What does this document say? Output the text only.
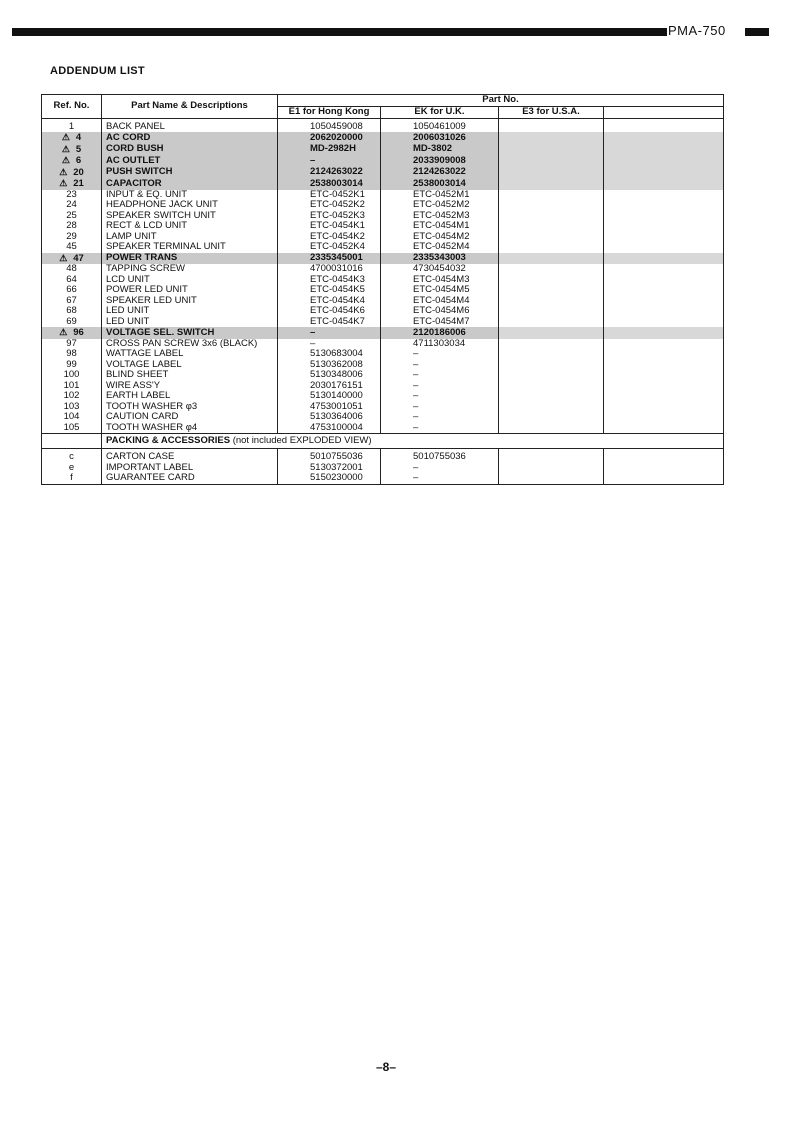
PMA-750
ADDENDUM LIST
Ref. No.	Part Name & Descriptions	Part No.			
		E1 for Hong Kong	EK for U.K.	E3 for U.S.A.	
1	BACK PANEL	1050459008	1050461009		
⚠ 4	AC CORD	2062020000	2006031026		
⚠ 5	CORD BUSH	MD-2982H	MD-3802		
⚠ 6	AC OUTLET	–	2033909008		
⚠ 20	PUSH SWITCH	2124263022	2124263022		
⚠ 21	CAPACITOR	2538003014	2538003014		
23	INPUT & EQ. UNIT	ETC-0452K1	ETC-0452M1		
24	HEADPHONE JACK UNIT	ETC-0452K2	ETC-0452M2		
25	SPEAKER SWITCH UNIT	ETC-0452K3	ETC-0452M3		
28	RECT & LCD UNIT	ETC-0454K1	ETC-0454M1		
29	LAMP UNIT	ETC-0454K2	ETC-0454M2		
45	SPEAKER TERMINAL UNIT	ETC-0452K4	ETC-0452M4		
⚠ 47	POWER TRANS	2335345001	2335343003		
48	TAPPING SCREW	4700031016	4730454032		
64	LCD UNIT	ETC-0454K3	ETC-0454M3		
66	POWER LED UNIT	ETC-0454K5	ETC-0454M5		
67	SPEAKER LED UNIT	ETC-0454K4	ETC-0454M4		
68	LED UNIT	ETC-0454K6	ETC-0454M6		
69	LED UNIT	ETC-0454K7	ETC-0454M7		
⚠ 96	VOLTAGE SEL. SWITCH	–	2120186006		
97	CROSS PAN SCREW 3x6 (BLACK)	–	4711303034		
98	WATTAGE LABEL	5130683004	–		
99	VOLTAGE LABEL	5130362008	–		
100	BLIND SHEET	5130348006	–		
101	WIRE ASS'Y	2030176151	–		
102	EARTH LABEL	5130140000	–		
103	TOOTH WASHER φ3	4753001051	–		
104	CAUTION CARD	5130364006	–		
105	TOOTH WASHER φ4	4753100004	–		
	PACKING & ACCESSORIES (not included EXPLODED VIEW)				
c	CARTON CASE	5010755036	5010755036		
e	IMPORTANT LABEL	5130372001	–		
f	GUARANTEE CARD	5150230000	–		
–8–
